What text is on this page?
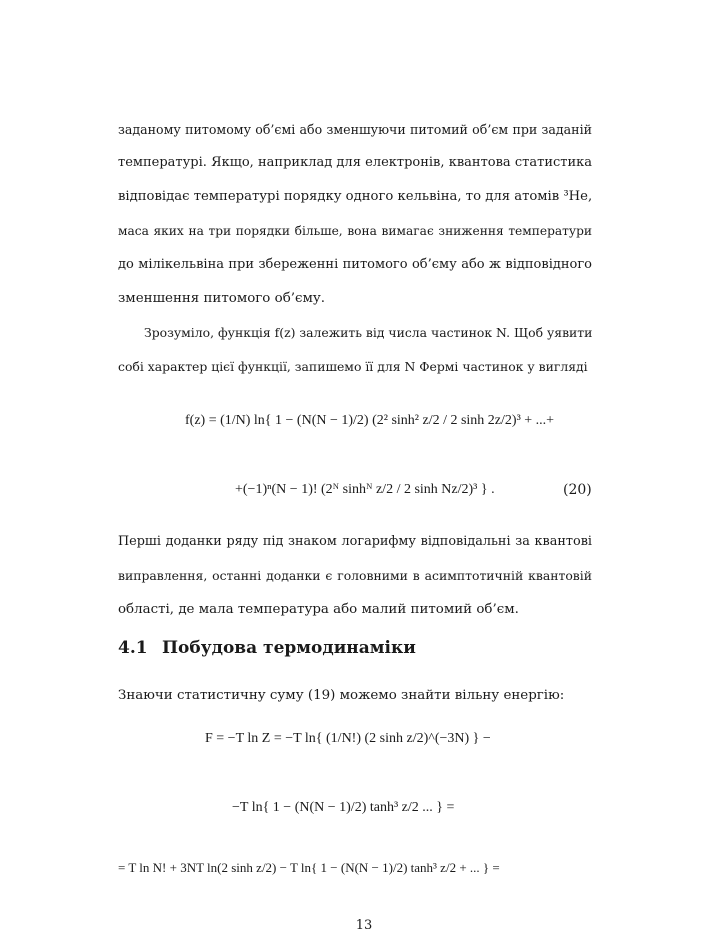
заданому питомому об’ємі або зменшуючи питомий об’єм при заданій
температурі. Якщо, наприклад для електронів, квантова статистика
відповідає температурі порядку одного кельвіна, то для атомів ³He,
маса яких на три порядки більше, вона вимагає зниження температури
до мілікельвіна при збереженні питомого об’єму або ж відповідного
зменшення питомого об’єму.
Зрозуміло, функція f(z) залежить від числа частинок N. Щоб уявити
собі характер цієї функції, запишемо її для N Фермі частинок у вигляді
f(z) = (1/N) ln{ 1 − (N(N − 1)/2) (2² sinh² z/2 / 2 sinh 2z/2)³ + ...+
+(−1)ⁿ(N − 1)! (2ᴺ sinhᴺ z/2 / 2 sinh Nz/2)³ } .	(20)
Перші доданки ряду під знаком логарифму відповідальні за квантові
виправлення, останні доданки є головними в асимптотичній квантовій
області, де мала температура або малий питомий об’єм.
4.1 Побудова термодинаміки
Знаючи статистичну суму (19) можемо знайти вільну енергію:
F = −T ln Z = −T ln{ (1/N!) (2 sinh z/2)^(−3N) } −
−T ln{ 1 − (N(N − 1)/2) tanh³ z/2 ... } =
= T ln N! + 3NT ln(2 sinh z/2) − T ln{ 1 − (N(N − 1)/2) tanh³ z/2 + ... } =
13
